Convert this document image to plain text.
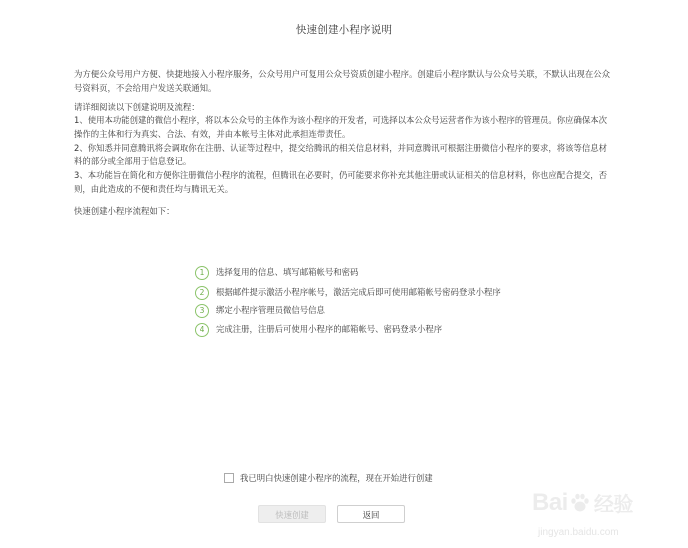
快速创建小程序说明
为方便公众号用户方便、快捷地接入小程序服务，公众号用户可复用公众号资质创建小程序。创建后小程序默认与公众号关联，不默认出现在公众号资料页，不会给用户发送关联通知。
请详细阅读以下创建说明及流程：

1、使用本功能创建的微信小程序，将以本公众号的主体作为该小程序的开发者，可选择以本公众号运营者作为该小程序的管理员。你应确保本次操作的主体和行为真实、合法、有效，并由本帐号主体对此承担连带责任。

2、你知悉并同意腾讯将会调取你在注册、认证等过程中，提交给腾讯的相关信息材料，并同意腾讯可根据注册微信小程序的要求，将该等信息材料的部分或全部用于信息登记。

3、本功能旨在简化和方便你注册微信小程序的流程，但腾讯在必要时，仍可能要求你补充其他注册或认证相关的信息材料，你也应配合提交，否则，由此造成的不便和责任均与腾讯无关。

快速创建小程序流程如下：
1	选择复用的信息、填写邮箱帐号和密码
2	根据邮件提示激活小程序帐号，激活完成后即可使用邮箱帐号密码登录小程序
3	绑定小程序管理员微信号信息
4	完成注册，注册后可使用小程序的邮箱帐号、密码登录小程序
我已明白快速创建小程序的流程，现在开始进行创建
快速创建	返回	Bai 经验
jingyan.baidu.com
